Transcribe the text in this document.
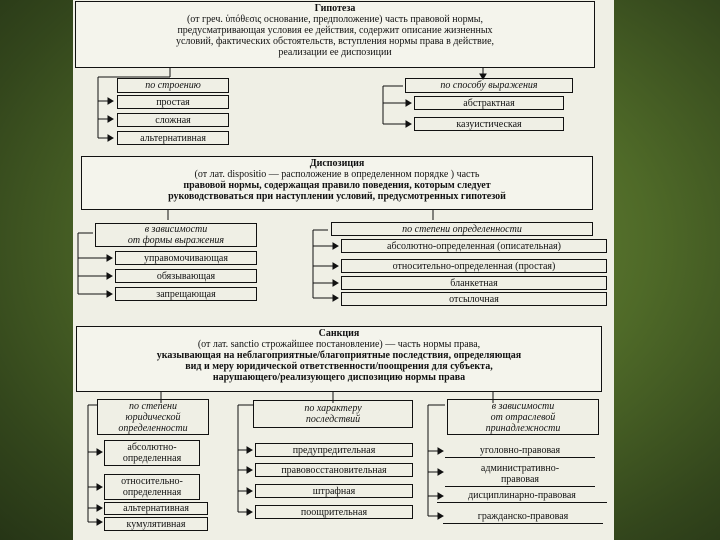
Гипотеза
(от греч. ὑπόθεσις основание, предположение) часть правовой нормы,
предусматривающая условия ее действия, содержит описание жизненных
условий, фактических обстоятельств, вступления нормы права в действие,
реализации ее диспозиции
по строению
простая
сложная
альтернативная
по способу выражения
абстрактная
казуистическая
Диспозиция
(от лат. dispositio — расположение в определенном порядке ) часть
правовой нормы, содержащая правило поведения, которым следует
руководствоваться при наступлении условий, предусмотренных гипотезой
в зависимости
от формы выражения
управомочивающая
обязывающая
запрещающая
по степени определенности
абсолютно-определенная (описательная)
относительно-определенная (простая)
бланкетная
отсылочная
Санкция
(от лат. sanctio строжайшее постановление) — часть нормы права,
указывающая на неблагоприятные/благоприятные последствия, определяющая
вид и меру юридической ответственности/поощрения для субъекта,
нарушающего/реализующего диспозицию нормы права
по степени
юридической
определенности
абсолютно-
определенная
относительно-
определенная
альтернативная
кумулятивная
по характеру
последствий
предупредительная
правовосстановительная
штрафная
поощрительная
в зависимости
от отраслевой
принадлежности
уголовно-правовая
административно-
правовая
дисциплинарно-правовая
гражданско-правовая
